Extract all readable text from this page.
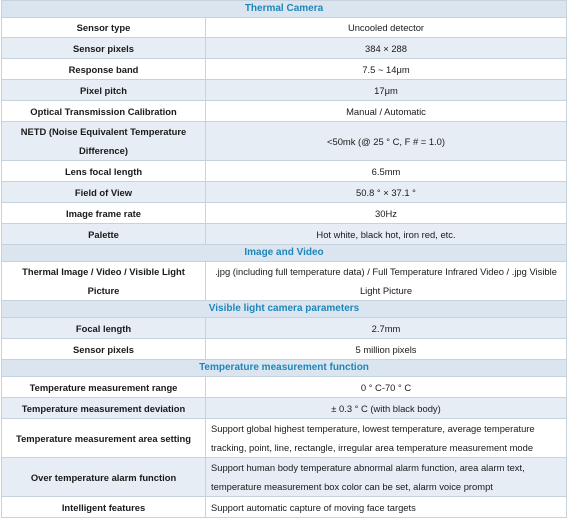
Thermal Camera	
Sensor type	Uncooled detector
Sensor pixels	384 × 288
Response band	7.5 ~ 14μm
Pixel pitch	17μm
Optical Transmission Calibration	Manual / Automatic
NETD (Noise Equivalent Temperature Difference)	<50mk (@ 25 ° C, F # = 1.0)
Lens focal length	6.5mm
Field of View	50.8 ° × 37.1 °
Image frame rate	30Hz
Palette	Hot white, black hot, iron red, etc.
Image and Video	
Thermal Image / Video / Visible Light Picture	.jpg (including full temperature data) / Full Temperature Infrared Video / .jpg Visible Light Picture
Visible light camera parameters	
Focal length	2.7mm
Sensor pixels	5 million pixels
Temperature measurement function	
Temperature measurement range	0 ° C-70 ° C
Temperature measurement deviation	± 0.3 ° C (with black body)
Temperature measurement area setting	Support global highest temperature, lowest temperature, average temperature tracking, point, line, rectangle, irregular area temperature measurement mode
Over temperature alarm function	Support human body temperature abnormal alarm function, area alarm text, temperature measurement box color can be set, alarm voice prompt
Intelligent features	Support automatic capture of moving face targets
